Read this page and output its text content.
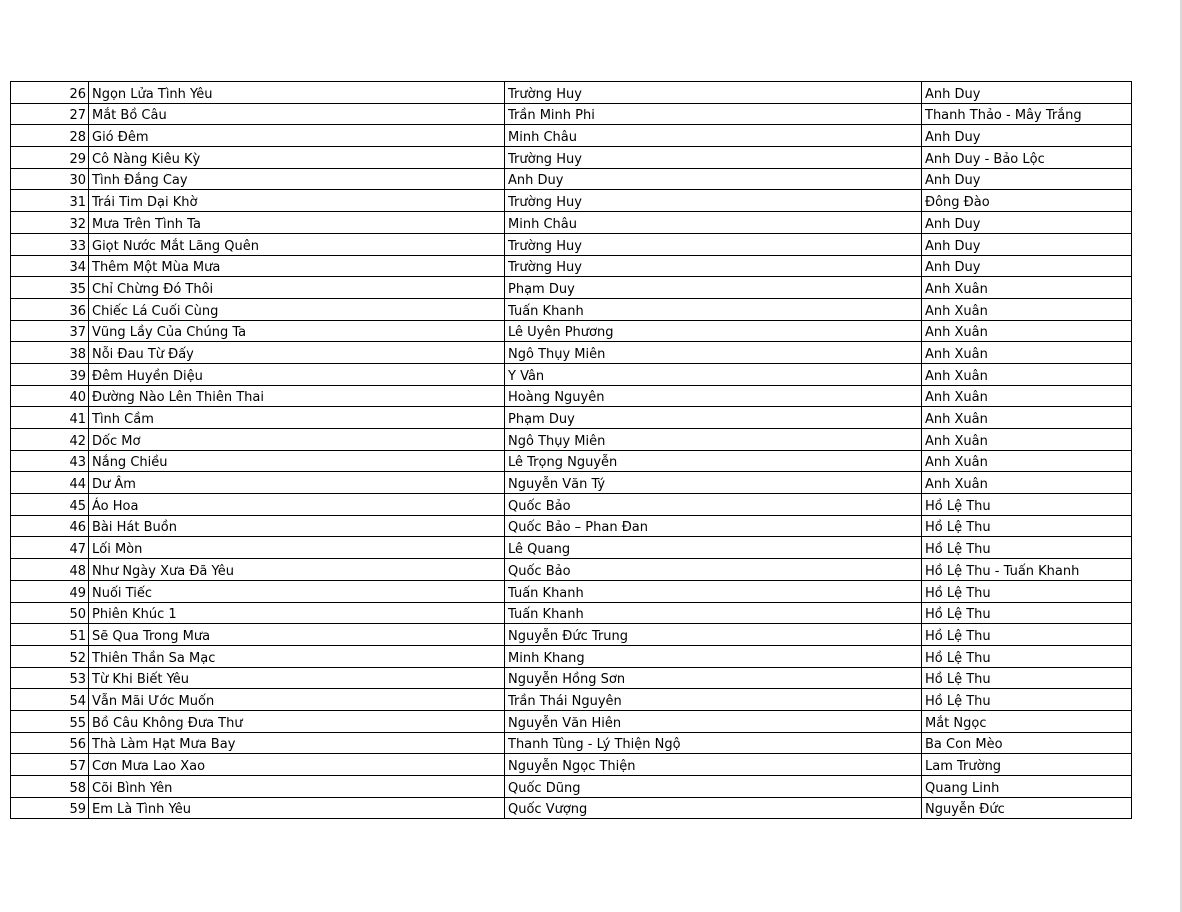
26	Ngọn Lửa Tình Yêu	Trường Huy	Anh Duy
27	Mắt Bồ Câu	Trần Minh Phi	Thanh Thảo - Mây Trắng
28	Gió Đêm	Minh Châu	Anh Duy
29	Cô Nàng Kiêu Kỳ	Trường Huy	Anh Duy - Bảo Lộc
30	Tình Đắng Cay	Anh Duy	Anh Duy
31	Trái Tim Dại Khờ	Trường Huy	Đông Đào
32	Mưa Trên Tình Ta	Minh Châu	Anh Duy
33	Giọt Nước Mắt Lãng Quên	Trường Huy	Anh Duy
34	Thêm Một Mùa Mưa	Trường Huy	Anh Duy
35	Chỉ Chừng Đó Thôi	Phạm Duy	Anh Xuân
36	Chiếc Lá Cuối Cùng	Tuấn Khanh	Anh Xuân
37	Vũng Lầy Của Chúng Ta	Lê Uyên Phương	Anh Xuân
38	Nỗi Đau Từ Đấy	Ngô Thụy Miên	Anh Xuân
39	Đêm Huyền Diệu	Y Vân	Anh Xuân
40	Đường Nào Lên Thiên Thai	Hoàng Nguyên	Anh Xuân
41	Tình Cầm	Phạm Duy	Anh Xuân
42	Dốc Mơ	Ngô Thụy Miên	Anh Xuân
43	Nắng Chiều	Lê Trọng Nguyễn	Anh Xuân
44	Dư Âm	Nguyễn Văn Tý	Anh Xuân
45	Áo Hoa	Quốc Bảo	Hồ Lệ Thu
46	Bài Hát Buồn	Quốc Bảo – Phan Đan	Hồ Lệ Thu
47	Lối Mòn	Lê Quang	Hồ Lệ Thu
48	Như Ngày Xưa Đã Yêu	Quốc Bảo	Hồ Lệ Thu - Tuấn Khanh
49	Nuối Tiếc	Tuấn Khanh	Hồ Lệ Thu
50	Phiên Khúc 1	Tuấn Khanh	Hồ Lệ Thu
51	Sẽ Qua Trong Mưa	Nguyễn Đức Trung	Hồ Lệ Thu
52	Thiên Thần Sa Mạc	Minh Khang	Hồ Lệ Thu
53	Từ Khi Biết Yêu	Nguyễn Hồng Sơn	Hồ Lệ Thu
54	Vẫn Mãi Ước Muốn	Trần Thái Nguyên	Hồ Lệ Thu
55	Bồ Câu Không Đưa Thư	Nguyễn Văn Hiên	Mắt Ngọc
56	Thà Làm Hạt Mưa Bay	Thanh Tùng - Lý Thiện Ngộ	Ba Con Mèo
57	Cơn Mưa Lao Xao	Nguyễn Ngọc Thiện	Lam Trường
58	Cõi Bình Yên	Quốc Dũng	Quang Linh
59	Em Là Tình Yêu	Quốc Vượng	Nguyễn Đức
